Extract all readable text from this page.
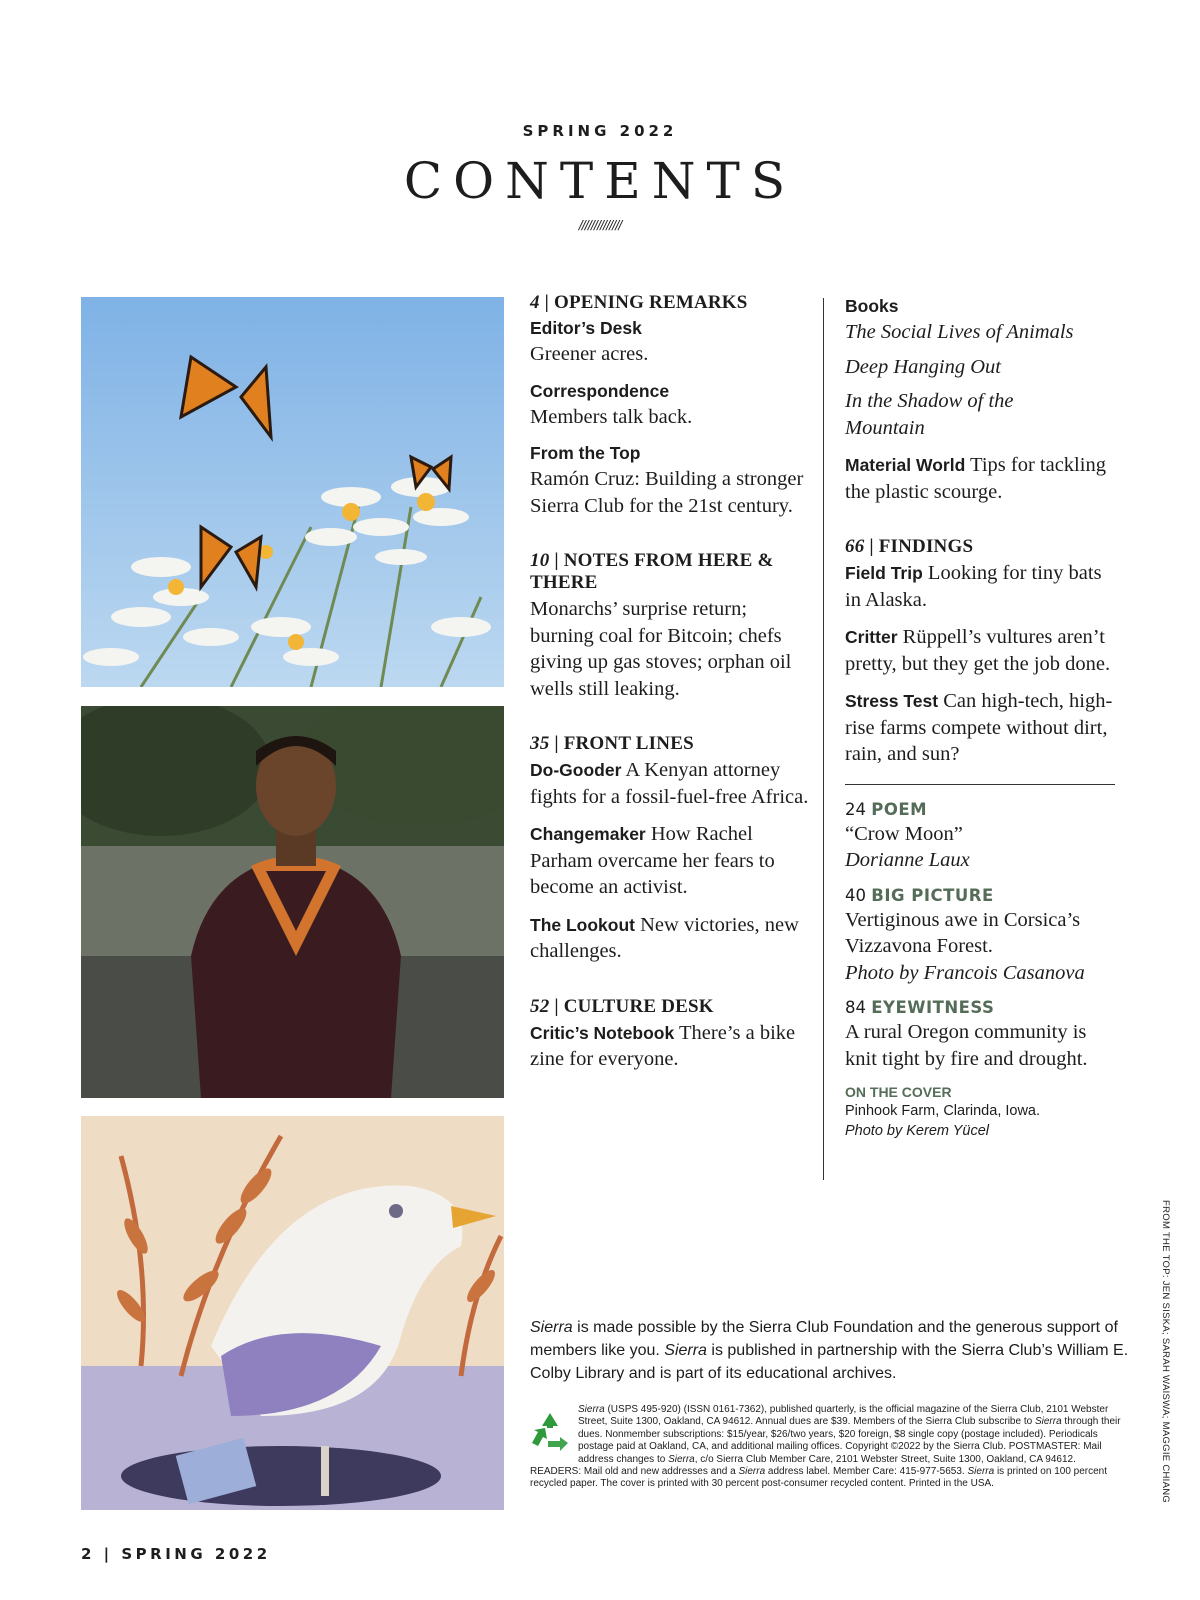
SPRING 2022
CONTENTS
//////////////
4 | OPENING REMARKS
Editor’s Desk
Greener acres.
Correspondence
Members talk back.
From the Top
Ramón Cruz: Building a stronger Sierra Club for the 21st century.
10 | NOTES FROM HERE & THERE
Monarchs’ surprise return; burning coal for Bitcoin; chefs giving up gas stoves; orphan oil wells still leaking.
35 | FRONT LINES
Do-Gooder A Kenyan attorney fights for a fossil-fuel-free Africa.
Changemaker How Rachel Parham overcame her fears to become an activist.
The Lookout New victories, new challenges.
52 | CULTURE DESK
Critic’s Notebook There’s a bike zine for everyone.
Books
The Social Lives of Animals
Deep Hanging Out
In the Shadow of the Mountain
Material World Tips for tackling the plastic scourge.
66 | FINDINGS
Field Trip Looking for tiny bats in Alaska.
Critter Rüppell’s vultures aren’t pretty, but they get the job done.
Stress Test Can high-tech, high-rise farms compete without dirt, rain, and sun?
24 POEM
“Crow Moon”
Dorianne Laux
40 BIG PICTURE
Vertiginous awe in Corsica’s Vizzavona Forest.
Photo by Francois Casanova
84 EYEWITNESS
A rural Oregon community is knit tight by fire and drought.
ON THE COVER
Pinhook Farm, Clarinda, Iowa.
Photo by Kerem Yücel
Sierra is made possible by the Sierra Club Foundation and the generous support of members like you. Sierra is published in partnership with the Sierra Club’s William E. Colby Library and is part of its educational archives.
Sierra (USPS 495-920) (ISSN 0161-7362), published quarterly, is the official magazine of the Sierra Club, 2101 Webster Street, Suite 1300, Oakland, CA 94612. Annual dues are $39. Members of the Sierra Club subscribe to Sierra through their dues. Nonmember subscriptions: $15/year, $26/two years, $20 foreign, $8 single copy (postage included). Periodicals postage paid at Oakland, CA, and additional mailing offices. Copyright ©2022 by the Sierra Club. POSTMASTER: Mail address changes to Sierra, c/o Sierra Club Member Care, 2101 Webster Street, Suite 1300, Oakland, CA 94612. READERS: Mail old and new addresses and a Sierra address label. Member Care: 415-977-5653. Sierra is printed on 100 percent recycled paper. The cover is printed with 30 percent post-consumer recycled content. Printed in the USA.	FROM THE TOP: JEN SISKA; SARAH WAISWA; MAGGIE CHIANG
2 | SPRING 2022
